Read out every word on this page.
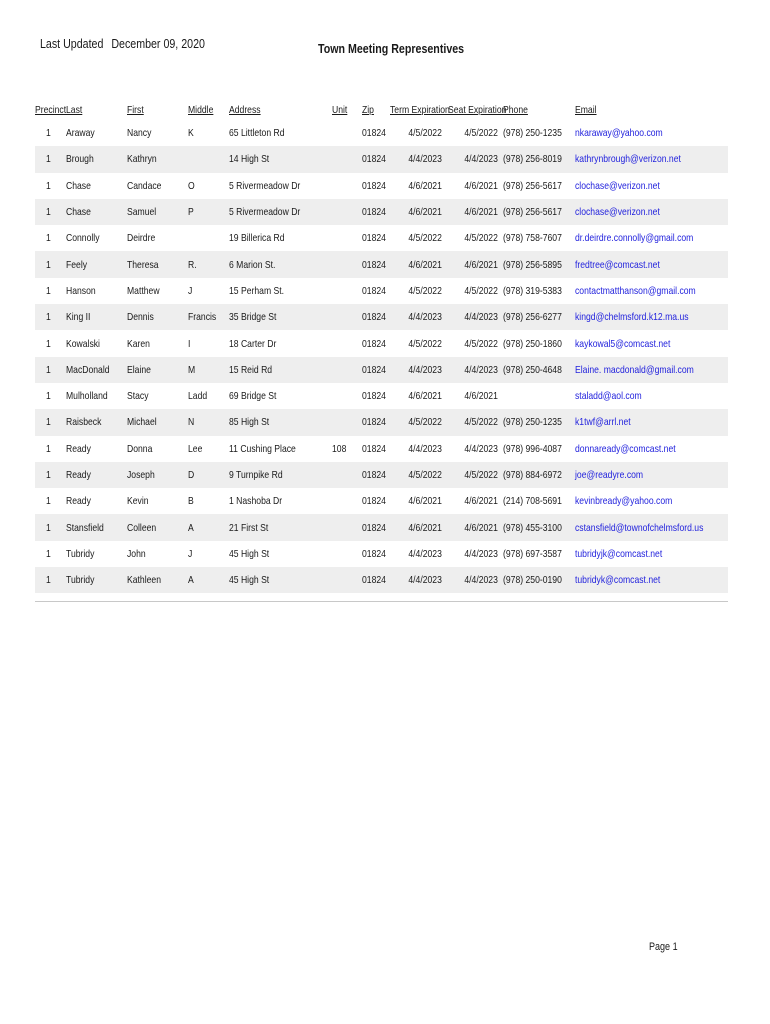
Last Updated December 09, 2020	Town Meeting Representives
Precinct	Last	First	Middle	Address	Unit	Zip	Term Expiration	Seat Expiration	Phone	Email
1	Araway	Nancy	K	65 Littleton Rd		01824	4/5/2022	4/5/2022	(978) 250-1235	nkaraway@yahoo.com
1	Brough	Kathryn		14 High St		01824	4/4/2023	4/4/2023	(978) 256-8019	kathrynbrough@verizon.net
1	Chase	Candace	O	5 Rivermeadow Dr		01824	4/6/2021	4/6/2021	(978) 256-5617	clochase@verizon.net
1	Chase	Samuel	P	5 Rivermeadow Dr		01824	4/6/2021	4/6/2021	(978) 256-5617	clochase@verizon.net
1	Connolly	Deirdre		19 Billerica Rd		01824	4/5/2022	4/5/2022	(978) 758-7607	dr.deirdre.connolly@gmail.com
1	Feely	Theresa	R.	6 Marion St.		01824	4/6/2021	4/6/2021	(978) 256-5895	fredtree@comcast.net
1	Hanson	Matthew	J	15 Perham St.		01824	4/5/2022	4/5/2022	(978) 319-5383	contactmatthanson@gmail.com
1	King II	Dennis	Francis	35 Bridge St		01824	4/4/2023	4/4/2023	(978) 256-6277	kingd@chelmsford.k12.ma.us
1	Kowalski	Karen	I	18 Carter Dr		01824	4/5/2022	4/5/2022	(978) 250-1860	kaykowal5@comcast.net
1	MacDonald	Elaine	M	15 Reid Rd		01824	4/4/2023	4/4/2023	(978) 250-4648	Elaine. macdonald@gmail.com
1	Mulholland	Stacy	Ladd	69 Bridge St		01824	4/6/2021	4/6/2021		staladd@aol.com
1	Raisbeck	Michael	N	85 High St		01824	4/5/2022	4/5/2022	(978) 250-1235	k1twf@arrl.net
1	Ready	Donna	Lee	11 Cushing Place	108	01824	4/4/2023	4/4/2023	(978) 996-4087	donnaready@comcast.net
1	Ready	Joseph	D	9 Turnpike Rd		01824	4/5/2022	4/5/2022	(978) 884-6972	joe@readyre.com
1	Ready	Kevin	B	1 Nashoba Dr		01824	4/6/2021	4/6/2021	(214) 708-5691	kevinbready@yahoo.com
1	Stansfield	Colleen	A	21 First St		01824	4/6/2021	4/6/2021	(978) 455-3100	cstansfield@townofchelmsford.us
1	Tubridy	John	J	45 High St		01824	4/4/2023	4/4/2023	(978) 697-3587	tubridyjk@comcast.net
1	Tubridy	Kathleen	A	45 High St		01824	4/4/2023	4/4/2023	(978) 250-0190	tubridyk@comcast.net
Page 1
